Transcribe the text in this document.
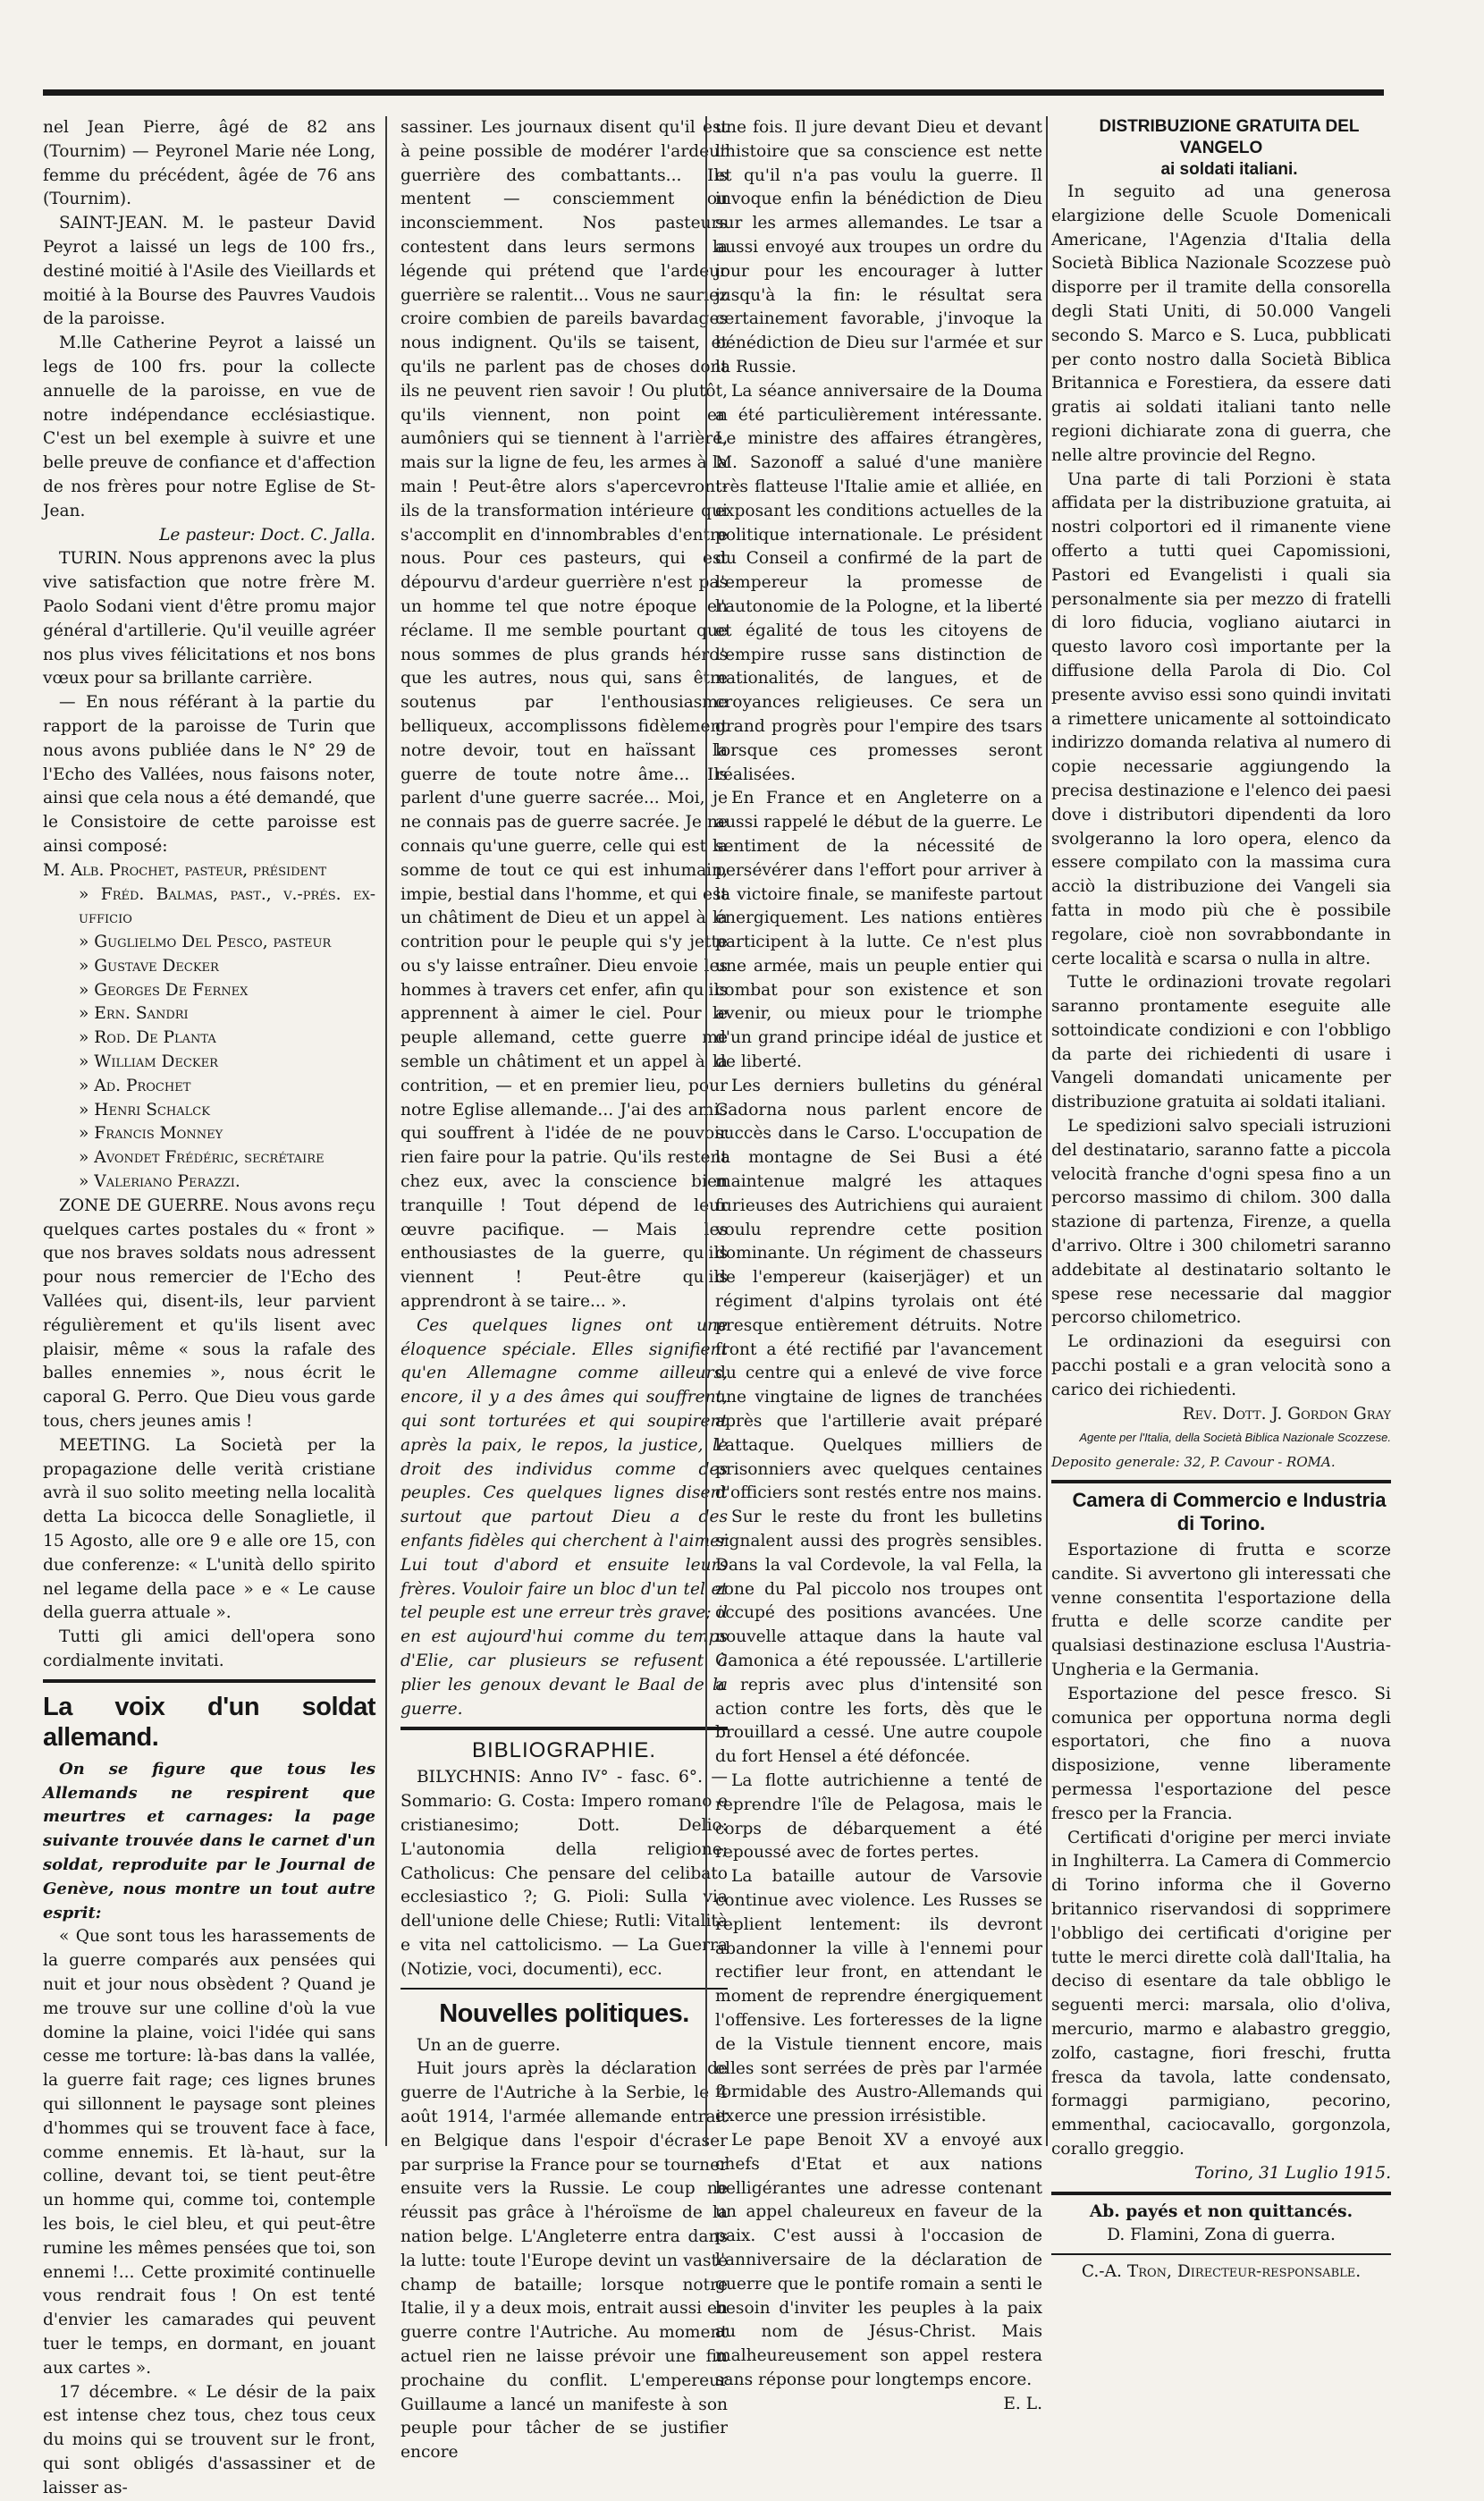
nel Jean Pierre, âgé de 82 ans (Tournim) — Peyronel Marie née Long, femme du précédent, âgée de 76 ans (Tournim).

SAINT-JEAN. M. le pasteur David Peyrot a laissé un legs de 100 frs., destiné moitié à l'Asile des Vieillards et moitié à la Bourse des Pauvres Vaudois de la paroisse.

M.lle Catherine Peyrot a laissé un legs de 100 frs. pour la collecte annuelle de la paroisse, en vue de notre indépendance ecclésiastique. C'est un bel exemple à suivre et une belle preuve de confiance et d'affection de nos frères pour notre Eglise de St-Jean.

Le pasteur: Doct. C. Jalla.

TURIN. Nous apprenons avec la plus vive satisfaction que notre frère M. Paolo Sodani vient d'être promu major général d'artillerie. Qu'il veuille agréer nos plus vives félicitations et nos bons vœux pour sa brillante carrière.

— En nous référant à la partie du rapport de la paroisse de Turin que nous avons publiée dans le N° 29 de l'Echo des Vallées, nous faisons noter, ainsi que cela nous a été demandé, que le Consistoire de cette paroisse est ainsi composé:

M. Alb. Prochet, pasteur, président
» Fréd. Balmas, past., v.-prés. ex-ufficio
» Guglielmo Del Pesco, pasteur
» Gustave Decker
» Georges De Fernex
» Ern. Sandri
» Rod. De Planta
» William Decker
» Ad. Prochet
» Henri Schalck
» Francis Monney
» Avondet Frédéric, secrétaire
» Valeriano Perazzi.

ZONE DE GUERRE. Nous avons reçu quelques cartes postales du « front » que nos braves soldats nous adressent pour nous remercier de l'Echo des Vallées qui, disent-ils, leur parvient régulièrement et qu'ils lisent avec plaisir, même « sous la rafale des balles ennemies », nous écrit le caporal G. Perro. Que Dieu vous garde tous, chers jeunes amis !

MEETING. La Società per la propagazione delle verità cristiane avrà il suo solito meeting nella località detta La bicocca delle Sonaglietle, il 15 Agosto, alle ore 9 e alle ore 15, con due conferenze: « L'unità dello spirito nel legame della pace » e « Le cause della guerra attuale ».

Tutti gli amici dell'opera sono cordialmente invitati.

La voix d'un soldat allemand.

On se figure que tous les Allemands ne respirent que meurtres et carnages: la page suivante trouvée dans le carnet d'un soldat, reproduite par le Journal de Genève, nous montre un tout autre esprit:

« Que sont tous les harassements de la guerre comparés aux pensées qui nuit et jour nous obsèdent ? Quand je me trouve sur une colline d'où la vue domine la plaine, voici l'idée qui sans cesse me torture: là-bas dans la vallée, la guerre fait rage; ces lignes brunes qui sillonnent le paysage sont pleines d'hommes qui se trouvent face à face, comme ennemis. Et là-haut, sur la colline, devant toi, se tient peut-être un homme qui, comme toi, contemple les bois, le ciel bleu, et qui peut-être rumine les mêmes pensées que toi, son ennemi !... Cette proximité continuelle vous rendrait fous ! On est tenté d'envier les camarades qui peuvent tuer le temps, en dormant, en jouant aux cartes ».

17 décembre. « Le désir de la paix est intense chez tous, chez tous ceux du moins qui se trouvent sur le front, qui sont obligés d'assassiner et de laisser as-

sassiner. Les journaux disent qu'il est à peine possible de modérer l'ardeur guerrière des combattants... Ils mentent — consciemment ou inconsciemment. Nos pasteurs contestent dans leurs sermons la légende qui prétend que l'ardeur guerrière se ralentit... Vous ne sauriez croire combien de pareils bavardages nous indignent. Qu'ils se taisent, et qu'ils ne parlent pas de choses dont ils ne peuvent rien savoir ! Ou plutôt, qu'ils viennent, non point en aumôniers qui se tiennent à l'arrière, mais sur la ligne de feu, les armes à la main ! Peut-être alors s'apercevront-ils de la transformation intérieure qui s'accomplit en d'innombrables d'entre nous. Pour ces pasteurs, qui est dépourvu d'ardeur guerrière n'est pas un homme tel que notre époque en réclame. Il me semble pourtant que nous sommes de plus grands héros que les autres, nous qui, sans être soutenus par l'enthousiasme belliqueux, accomplissons fidèlement notre devoir, tout en haïssant la guerre de toute notre âme... Ils parlent d'une guerre sacrée... Moi, je ne connais pas de guerre sacrée. Je ne connais qu'une guerre, celle qui est la somme de tout ce qui est inhumain, impie, bestial dans l'homme, et qui est un châtiment de Dieu et un appel à la contrition pour le peuple qui s'y jette ou s'y laisse entraîner. Dieu envoie les hommes à travers cet enfer, afin qu'ils apprennent à aimer le ciel. Pour le peuple allemand, cette guerre me semble un châtiment et un appel à la contrition, — et en premier lieu, pour notre Eglise allemande... J'ai des amis qui souffrent à l'idée de ne pouvoir rien faire pour la patrie. Qu'ils restent chez eux, avec la conscience bien tranquille ! Tout dépend de leur œuvre pacifique. — Mais les enthousiastes de la guerre, qu'ils viennent ! Peut-être qu'ils apprendront à se taire... ».

Ces quelques lignes ont une éloquence spéciale. Elles signifient qu'en Allemagne comme ailleurs, encore, il y a des âmes qui souffrent, qui sont torturées et qui soupirent après la paix, le repos, la justice, le droit des individus comme des peuples. Ces quelques lignes disent surtout que partout Dieu a des enfants fidèles qui cherchent à l'aimer Lui tout d'abord et ensuite leurs frères. Vouloir faire un bloc d'un tel et tel peuple est une erreur très grave; il en est aujourd'hui comme du temps d'Elie, car plusieurs se refusent à plier les genoux devant le Baal de la guerre.

BIBLIOGRAPHIE.

BILYCHNIS: Anno IV° - fasc. 6°. — Sommario: G. Costa: Impero romano e cristianesimo; Dott. Delio: L'autonomia della religione; Catholicus: Che pensare del celibato ecclesiastico ?; G. Pioli: Sulla via dell'unione delle Chiese; Rutli: Vitalità e vita nel cattolicismo. — La Guerra (Notizie, voci, documenti), ecc.

Nouvelles politiques.

Un an de guerre.

Huit jours après la déclaration de guerre de l'Autriche à la Serbie, le 4 août 1914, l'armée allemande entrait en Belgique dans l'espoir d'écraser par surprise la France pour se tourner ensuite vers la Russie. Le coup ne réussit pas grâce à l'héroïsme de la nation belge. L'Angleterre entra dans la lutte: toute l'Europe devint un vaste champ de bataille; lorsque notre Italie, il y a deux mois, entrait aussi en guerre contre l'Autriche. Au moment actuel rien ne laisse prévoir une fin prochaine du conflit. L'empereur Guillaume a lancé un manifeste à son peuple pour tâcher de se justifier encore

une fois. Il jure devant Dieu et devant l'histoire que sa conscience est nette et qu'il n'a pas voulu la guerre. Il invoque enfin la bénédiction de Dieu sur les armes allemandes. Le tsar a aussi envoyé aux troupes un ordre du jour pour les encourager à lutter jusqu'à la fin: le résultat sera certainement favorable, j'invoque la bénédiction de Dieu sur l'armée et sur la Russie.

La séance anniversaire de la Douma a été particulièrement intéressante. Le ministre des affaires étrangères, M. Sazonoff a salué d'une manière très flatteuse l'Italie amie et alliée, en exposant les conditions actuelles de la politique internationale. Le président du Conseil a confirmé de la part de l'empereur la promesse de l'autonomie de la Pologne, et la liberté et égalité de tous les citoyens de l'empire russe sans distinction de nationalités, de langues, et de croyances religieuses. Ce sera un grand progrès pour l'empire des tsars lorsque ces promesses seront réalisées.

En France et en Angleterre on a aussi rappelé le début de la guerre. Le sentiment de la nécessité de persévérer dans l'effort pour arriver à la victoire finale, se manifeste partout énergiquement. Les nations entières participent à la lutte. Ce n'est plus une armée, mais un peuple entier qui combat pour son existence et son avenir, ou mieux pour le triomphe d'un grand principe idéal de justice et de liberté.

Les derniers bulletins du général Cadorna nous parlent encore de succès dans le Carso. L'occupation de la montagne de Sei Busi a été maintenue malgré les attaques furieuses des Autrichiens qui auraient voulu reprendre cette position dominante. Un régiment de chasseurs de l'empereur (kaiserjäger) et un régiment d'alpins tyrolais ont été presque entièrement détruits. Notre front a été rectifié par l'avancement du centre qui a enlevé de vive force une vingtaine de lignes de tranchées après que l'artillerie avait préparé l'attaque. Quelques milliers de prisonniers avec quelques centaines d'officiers sont restés entre nos mains.

Sur le reste du front les bulletins signalent aussi des progrès sensibles. Dans la val Cordevole, la val Fella, la zone du Pal piccolo nos troupes ont occupé des positions avancées. Une nouvelle attaque dans la haute val Camonica a été repoussée. L'artillerie a repris avec plus d'intensité son action contre les forts, dès que le brouillard a cessé. Une autre coupole du fort Hensel a été défoncée.

La flotte autrichienne a tenté de reprendre l'île de Pelagosa, mais le corps de débarquement a été repoussé avec de fortes pertes.

La bataille autour de Varsovie continue avec violence. Les Russes se replient lentement: ils devront abandonner la ville à l'ennemi pour rectifier leur front, en attendant le moment de reprendre énergiquement l'offensive. Les forteresses de la ligne de la Vistule tiennent encore, mais elles sont serrées de près par l'armée formidable des Austro-Allemands qui exerce une pression irrésistible.

Le pape Benoit XV a envoyé aux chefs d'Etat et aux nations belligérantes une adresse contenant un appel chaleureux en faveur de la paix. C'est aussi à l'occasion de l'anniversaire de la déclaration de guerre que le pontife romain a senti le besoin d'inviter les peuples à la paix au nom de Jésus-Christ. Mais malheureusement son appel restera sans réponse pour longtemps encore.

E. L.

DISTRIBUZIONE GRATUITA DEL VANGELO

ai soldati italiani.

In seguito ad una generosa elargizione delle Scuole Domenicali Americane, l'Agenzia d'Italia della Società Biblica Nazionale Scozzese può disporre per il tramite della consorella degli Stati Uniti, di 50.000 Vangeli secondo S. Marco e S. Luca, pubblicati per conto nostro dalla Società Biblica Britannica e Forestiera, da essere dati gratis ai soldati italiani tanto nelle regioni dichiarate zona di guerra, che nelle altre provincie del Regno.

Una parte di tali Porzioni è stata affidata per la distribuzione gratuita, ai nostri colportori ed il rimanente viene offerto a tutti quei Capomissioni, Pastori ed Evangelisti i quali sia personalmente sia per mezzo di fratelli di loro fiducia, vogliano aiutarci in questo lavoro così importante per la diffusione della Parola di Dio. Col presente avviso essi sono quindi invitati a rimettere unicamente al sottoindicato indirizzo domanda relativa al numero di copie necessarie aggiungendo la precisa destinazione e l'elenco dei paesi dove i distributori dipendenti da loro svolgeranno la loro opera, elenco da essere compilato con la massima cura acciò la distribuzione dei Vangeli sia fatta in modo più che è possibile regolare, cioè non sovrabbondante in certe località e scarsa o nulla in altre.

Tutte le ordinazioni trovate regolari saranno prontamente eseguite alle sottoindicate condizioni e con l'obbligo da parte dei richiedenti di usare i Vangeli domandati unicamente per distribuzione gratuita ai soldati italiani.

Le spedizioni salvo speciali istruzioni del destinatario, saranno fatte a piccola velocità franche d'ogni spesa fino a un percorso massimo di chilom. 300 dalla stazione di partenza, Firenze, a quella d'arrivo. Oltre i 300 chilometri saranno addebitate al destinatario soltanto le spese rese necessarie dal maggior percorso chilometrico.

Le ordinazioni da eseguirsi con pacchi postali e a gran velocità sono a carico dei richiedenti.

Rev. Dott. J. Gordon Gray

Agente per l'Italia, della Società Biblica Nazionale Scozzese.

Deposito generale: 32, P. Cavour - ROMA.

Camera di Commercio e Industria di Torino.

Esportazione di frutta e scorze candite. Si avvertono gli interessati che venne consentita l'esportazione della frutta e delle scorze candite per qualsiasi destinazione esclusa l'Austria-Ungheria e la Germania.

Esportazione del pesce fresco. Si comunica per opportuna norma degli esportatori, che fino a nuova disposizione, venne liberamente permessa l'esportazione del pesce fresco per la Francia.

Certificati d'origine per merci inviate in Inghilterra. La Camera di Commercio di Torino informa che il Governo britannico riservandosi di sopprimere l'obbligo dei certificati d'origine per tutte le merci dirette colà dall'Italia, ha deciso di esentare da tale obbligo le seguenti merci: marsala, olio d'oliva, mercurio, marmo e alabastro greggio, zolfo, castagne, fiori freschi, frutta fresca da tavola, latte condensato, formaggi parmigiano, pecorino, emmenthal, caciocavallo, gorgonzola, corallo greggio.

Torino, 31 Luglio 1915.

Ab. payés et non quittancés.

D. Flamini, Zona di guerra.

C.-A. Tron, Directeur-responsable.
